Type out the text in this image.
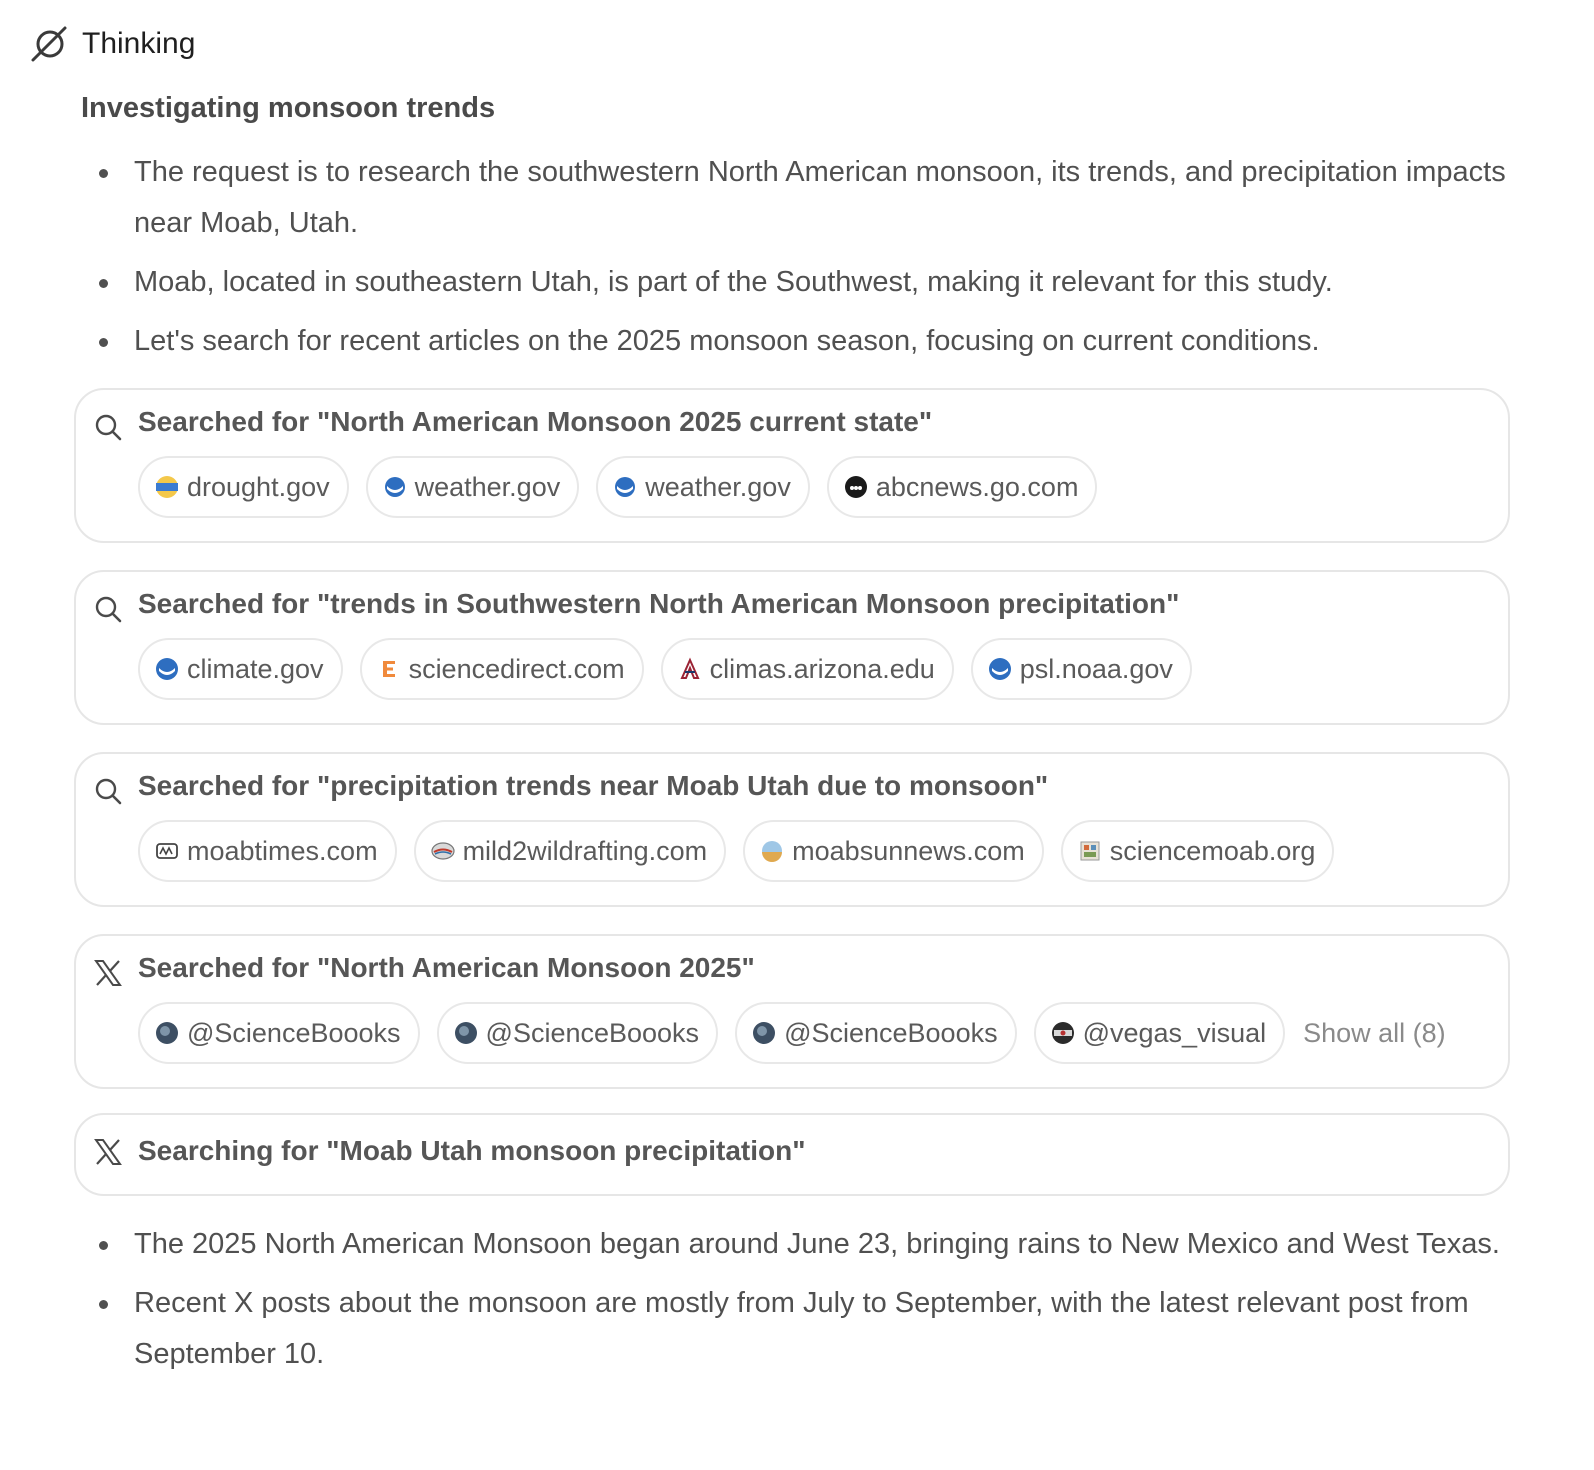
Thinking
Investigating monsoon trends
The request is to research the southwestern North American monsoon, its trends, and precipitation impacts near Moab, Utah.
Moab, located in southeastern Utah, is part of the Southwest, making it relevant for this study.
Let's search for recent articles on the 2025 monsoon season, focusing on current conditions.
Searched for "North American Monsoon 2025 current state"
drought.gov	weather.gov	weather.gov	abcnews.go.com
Searched for "trends in Southwestern North American Monsoon precipitation"
climate.gov	sciencedirect.com	climas.arizona.edu	psl.noaa.gov
Searched for "precipitation trends near Moab Utah due to monsoon"
moabtimes.com	mild2wildrafting.com	moabsunnews.com	sciencemoab.org
Searched for "North American Monsoon 2025"
@ScienceBoooks	@ScienceBoooks	@ScienceBoooks	@vegas_visual Show all (8)
Searching for "Moab Utah monsoon precipitation"
The 2025 North American Monsoon began around June 23, bringing rains to New Mexico and West Texas.
Recent X posts about the monsoon are mostly from July to September, with the latest relevant post from September 10.
